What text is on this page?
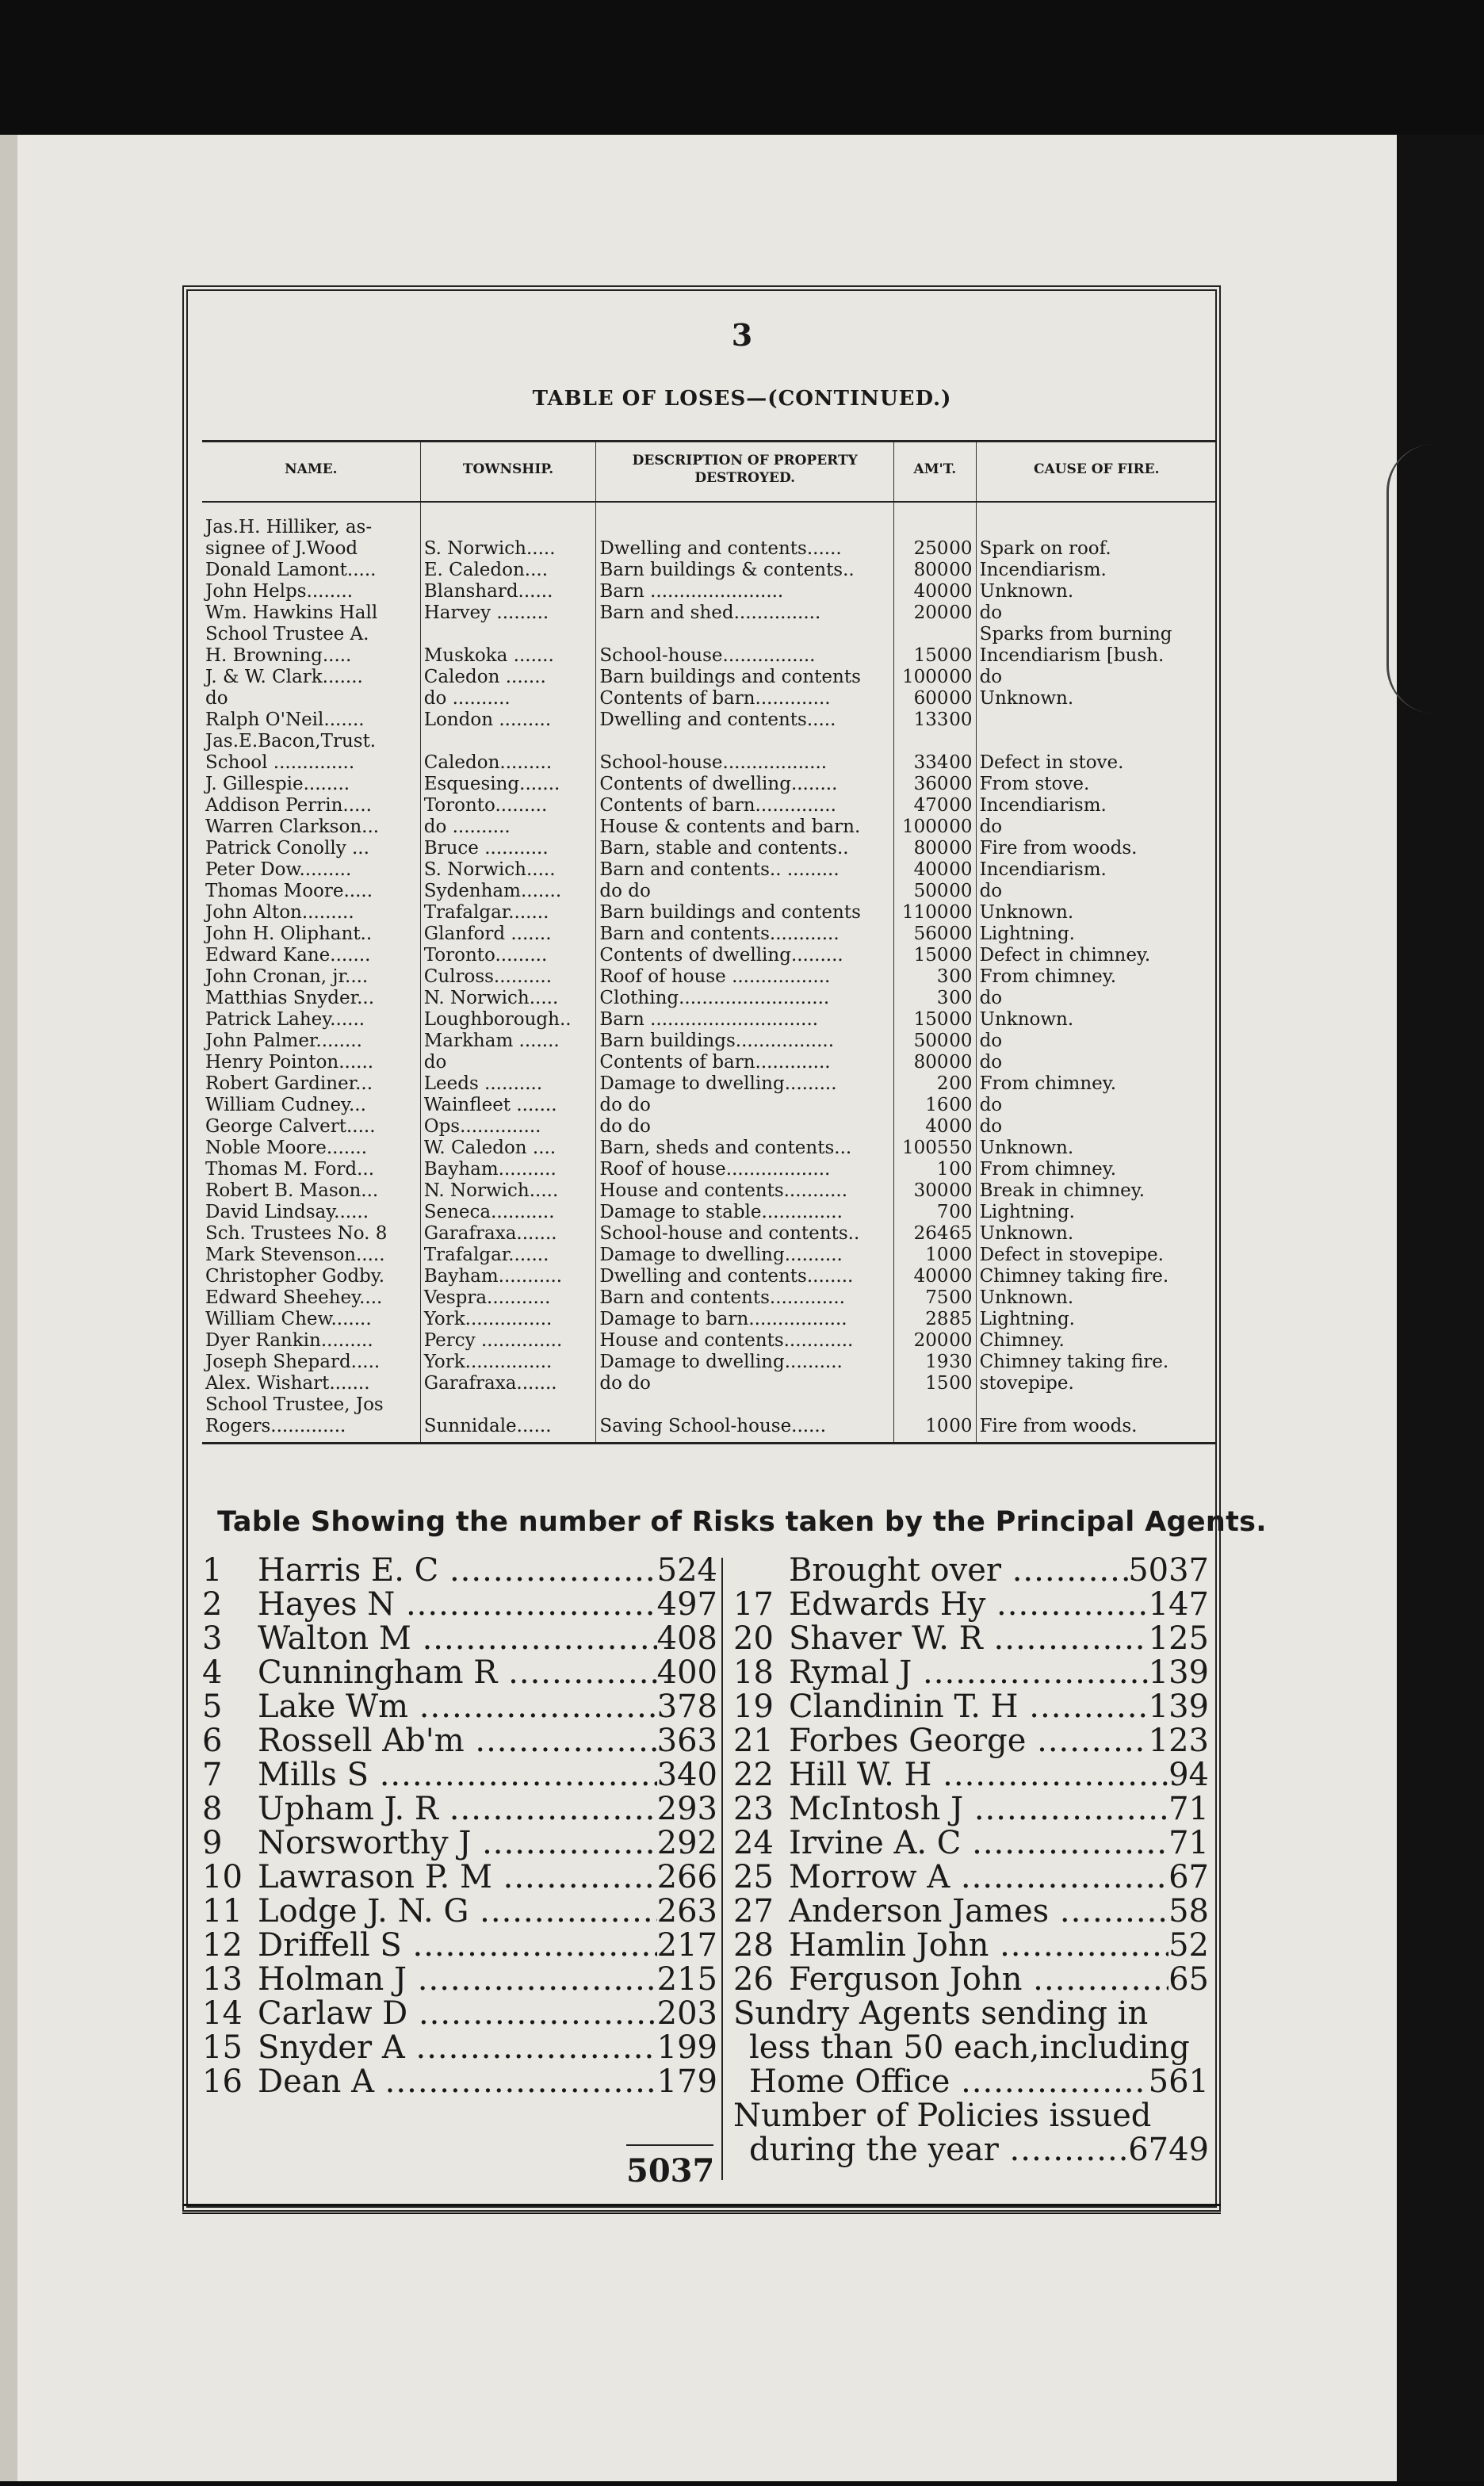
3
TABLE OF LOSES—(CONTINUED.)
NAME.	TOWNSHIP.	DESCRIPTION OF PROPERTY DESTROYED.	AM'T.	CAUSE OF FIRE.
Jas.H. Hilliker, as-				
signee of J.Wood	S. Norwich.....	Dwelling and contents......	25000	Spark on roof.
Donald Lamont.....	E. Caledon....	Barn buildings & contents..	80000	Incendiarism.
John Helps........	Blanshard......	Barn .......................	40000	Unknown.
Wm. Hawkins Hall	Harvey .........	Barn and shed...............	20000	do
School Trustee A.				Sparks from burning
H. Browning.....	Muskoka .......	School-house................	15000	Incendiarism [bush.
J. & W. Clark.......	Caledon .......	Barn buildings and contents	100000	do
do	do ..........	Contents of barn.............	60000	Unknown.
Ralph O'Neil.......	London .........	Dwelling and contents.....	13300	
Jas.E.Bacon,Trust.				
School ..............	Caledon.........	School-house..................	33400	Defect in stove.
J. Gillespie........	Esquesing.......	Contents of dwelling........	36000	From stove.
Addison Perrin.....	Toronto.........	Contents of barn..............	47000	Incendiarism.
Warren Clarkson...	do ..........	House & contents and barn.	100000	do
Patrick Conolly ...	Bruce ...........	Barn, stable and contents..	80000	Fire from woods.
Peter Dow.........	S. Norwich.....	Barn and contents.. .........	40000	Incendiarism.
Thomas Moore.....	Sydenham.......	do do	50000	do
John Alton.........	Trafalgar.......	Barn buildings and contents	110000	Unknown.
John H. Oliphant..	Glanford .......	Barn and contents............	56000	Lightning.
Edward Kane.......	Toronto.........	Contents of dwelling.........	15000	Defect in chimney.
John Cronan, jr....	Culross..........	Roof of house .................	300	From chimney.
Matthias Snyder...	N. Norwich.....	Clothing..........................	300	do
Patrick Lahey......	Loughborough..	Barn .............................	15000	Unknown.
John Palmer........	Markham .......	Barn buildings.................	50000	do
Henry Pointon......	do	Contents of barn.............	80000	do
Robert Gardiner...	Leeds ..........	Damage to dwelling.........	200	From chimney.
William Cudney...	Wainfleet .......	do do	1600	do
George Calvert.....	Ops..............	do do	4000	do
Noble Moore.......	W. Caledon ....	Barn, sheds and contents...	100550	Unknown.
Thomas M. Ford...	Bayham..........	Roof of house..................	100	From chimney.
Robert B. Mason...	N. Norwich.....	House and contents...........	30000	Break in chimney.
David Lindsay......	Seneca...........	Damage to stable..............	700	Lightning.
Sch. Trustees No. 8	Garafraxa.......	School-house and contents..	26465	Unknown.
Mark Stevenson.....	Trafalgar.......	Damage to dwelling..........	1000	Defect in stovepipe.
Christopher Godby.	Bayham...........	Dwelling and contents........	40000	Chimney taking fire.
Edward Sheehey....	Vespra...........	Barn and contents.............	7500	Unknown.
William Chew.......	York...............	Damage to barn.................	2885	Lightning.
Dyer Rankin.........	Percy ..............	House and contents............	20000	Chimney.
Joseph Shepard.....	York...............	Damage to dwelling..........	1930	Chimney taking fire.
Alex. Wishart.......	Garafraxa.......	do do	1500	stovepipe.
School Trustee, Jos				
Rogers.............	Sunnidale......	Saving School-house......	1000	Fire from woods.
Table Showing the number of Risks taken by the Principal Agents.
1	Harris E. C .....	524
2	Hayes N .....	497
3	Walton M .....	408
4	Cunningham R .....	400
5	Lake Wm .....	378
6	Rossell Ab'm .....	363
7	Mills S .....	340
8	Upham J. R .....	293
9	Norsworthy J .....	292
10 Lawrason P. M .....	266
11 Lodge J. N. G .....	263
12 Driffell S .....	217
13 Holman J .....	215
14 Carlaw D .....	203
15 Snyder A .....	199
16 Dean A .....	179
5037
Brought over .....	5037
17 Edwards Hy .....	147
20 Shaver W. R .....	125
18 Rymal J .....	139
19 Clandinin T. H .....	139
21 Forbes George .....	123
22 Hill W. H .....	94
23 McIntosh J .....	71
24 Irvine A. C .....	71
25 Morrow A .....	67
27 Anderson James .....	58
28 Hamlin John .....	52
26 Ferguson John .....	65
Sundry Agents sending in
less than 50 each,including
Home Office .....	561
Number of Policies issued
during the year .....	6749
